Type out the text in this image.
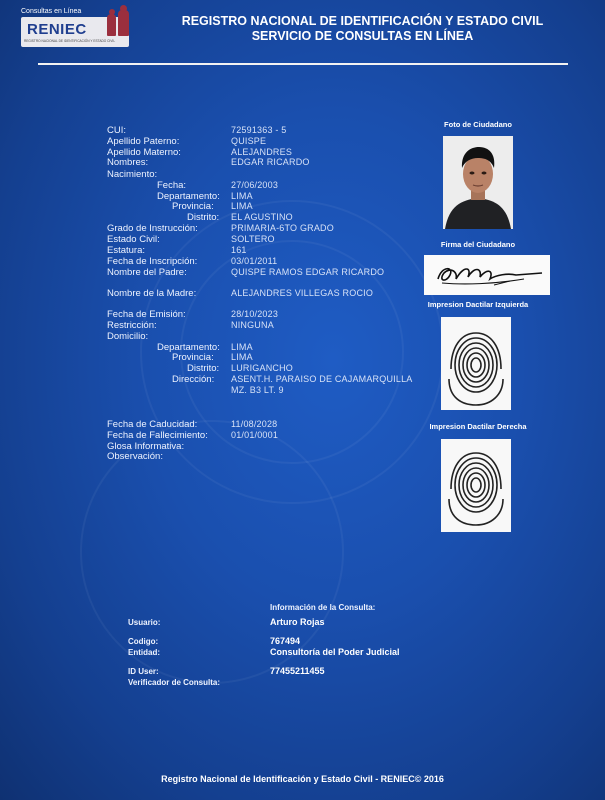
Consultas en Línea
RENIEC
REGISTRO NACIONAL DE IDENTIFICACIÓN Y ESTADO CIVIL
REGISTRO NACIONAL DE IDENTIFICACIÓN Y ESTADO CIVIL
SERVICIO DE CONSULTAS EN LÍNEA
CUI:	72591363 - 5
Apellido Paterno:	QUISPE
Apellido Materno:	ALEJANDRES
Nombres:	EDGAR RICARDO
Nacimiento:
Fecha:	27/06/2003
Departamento: LIMA
Provincia: LIMA
Distrito: EL AGUSTINO
Grado de Instrucción:	PRIMARIA-6TO GRADO
Estado Civil:	SOLTERO
Estatura:	161
Fecha de Inscripción:	03/01/2011
Nombre del Padre:	QUISPE RAMOS EDGAR RICARDO
Nombre de la Madre:	ALEJANDRES VILLEGAS ROCIO
Fecha de Emisión:	28/10/2023
Restricción:	NINGUNA
Domicilio:
Departamento: LIMA
Provincia: LIMA
Distrito: LURIGANCHO
Dirección: ASENT.H. PARAISO DE CAJAMARQUILLA
MZ. B3 LT. 9
Fecha de Caducidad:	11/08/2028
Fecha de Fallecimiento:	01/01/0001
Glosa Informativa:
Observación:
Foto de Ciudadano
Firma del Ciudadano
Impresion Dactilar Izquierda
Impresion Dactilar Derecha
Información de la Consulta:
Usuario:	Arturo Rojas
Codigo:	767494
Entidad:	Consultoría del Poder Judicial
ID User:	77455211455
Verificador de Consulta:
Registro Nacional de Identificación y Estado Civil - RENIEC© 2016
